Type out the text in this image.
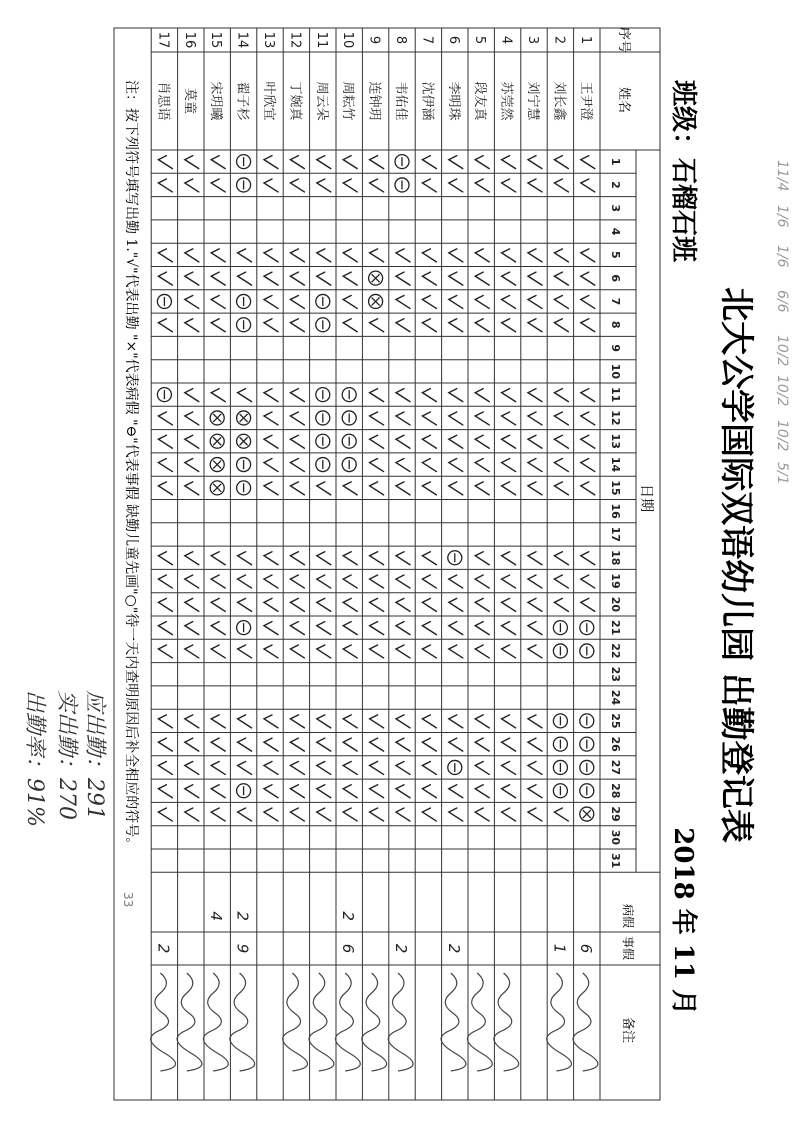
北大公学国际双语幼儿园 出勤登记表
班级：石榴石班
2018 年 11 月
序号
姓名
日期
病假
事假
备注
1
2
3
4
5
6
7
8
9
10
11
12
13
14
15
16
17
18
19
20
21
22
23
24
25
26
27
28
29
30
31
1
王尹澄
6
2
刘长鑫
1
3
刘宁慧
4
苏莞然
5
段友真
6
李明珠
2
7
沈伊涵
8
韦佑佳
2
9
连钟玥
10
周耘竹
2
6
11
周云朵
12
丁婉真
13
叶欣宜
14
翟子杉
2
9
15
宋玥曦
4
16
莫童
17
肖思语
2
注：按下列符号填写出勤 1."√"代表出勤 "×"代表病假 "⊖"代表事假 缺勤儿童先画"○"待一天内查明原因后补全相应的符号。	11/4
1/6
1/6
6/6
10/2
10/2
10/2
5/1
33
应出勤：291
实出勤：270
出勤率：91%
